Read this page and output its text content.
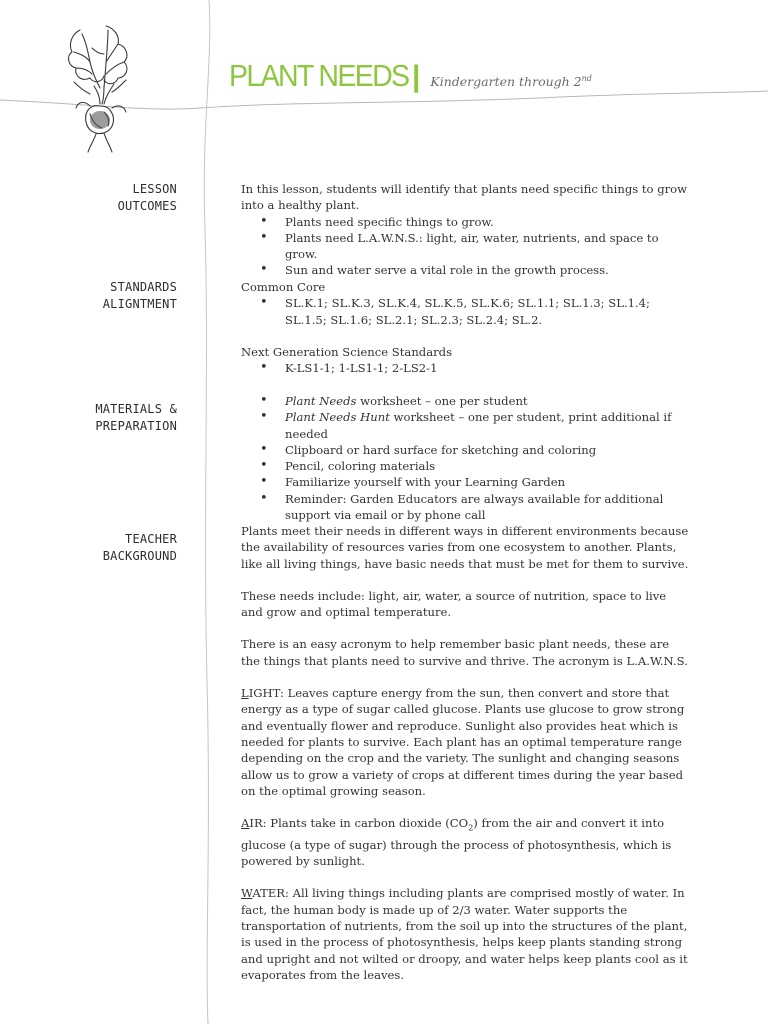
PLANT NEEDS | Kindergarten through 2nd
LESSON
OUTCOMES
STANDARDS
ALIGNTMENT
MATERIALS &
PREPARATION
TEACHER
BACKGROUND

In this lesson, students will identify that plants need specific things to grow into a healthy plant.

• Plants need specific things to grow.
• Plants need L.A.W.N.S.: light, air, water, nutrients, and space to grow.
• Sun and water serve a vital role in the growth process.

Common Core

• SL.K.1; SL.K.3, SL.K.4, SL.K.5, SL.K.6; SL.1.1; SL.1.3; SL.1.4; SL.1.5; SL.1.6; SL.2.1; SL.2.3; SL.2.4; SL.2.

Next Generation Science Standards

• K-LS1-1; 1-LS1-1; 2-LS2-1
• Plant Needs worksheet – one per student
• Plant Needs Hunt worksheet – one per student, print additional if needed
• Clipboard or hard surface for sketching and coloring
• Pencil, coloring materials
• Familiarize yourself with your Learning Garden
• Reminder: Garden Educators are always available for additional support via email or by phone call

Plants meet their needs in different ways in different environments because the availability of resources varies from one ecosystem to another. Plants, like all living things, have basic needs that must be met for them to survive.

These needs include: light, air, water, a source of nutrition, space to live and grow and optimal temperature.

There is an easy acronym to help remember basic plant needs, these are the things that plants need to survive and thrive. The acronym is L.A.W.N.S.

LIGHT: Leaves capture energy from the sun, then convert and store that energy as a type of sugar called glucose. Plants use glucose to grow strong and eventually flower and reproduce. Sunlight also provides heat which is needed for plants to survive. Each plant has an optimal temperature range depending on the crop and the variety. The sunlight and changing seasons allow us to grow a variety of crops at different times during the year based on the optimal growing season.

AIR: Plants take in carbon dioxide $(CO_2)$ from the air and convert it into glucose (a type of sugar) through the process of photosynthesis, which is powered by sunlight.

WATER: All living things including plants are comprised mostly of water. In fact, the human body is made up of 2/3 water. Water supports the transportation of nutrients, from the soil up into the structures of the plant, is used in the process of photosynthesis, helps keep plants standing strong and upright and not wilted or droopy, and water helps keep plants cool as it evaporates from the leaves.
